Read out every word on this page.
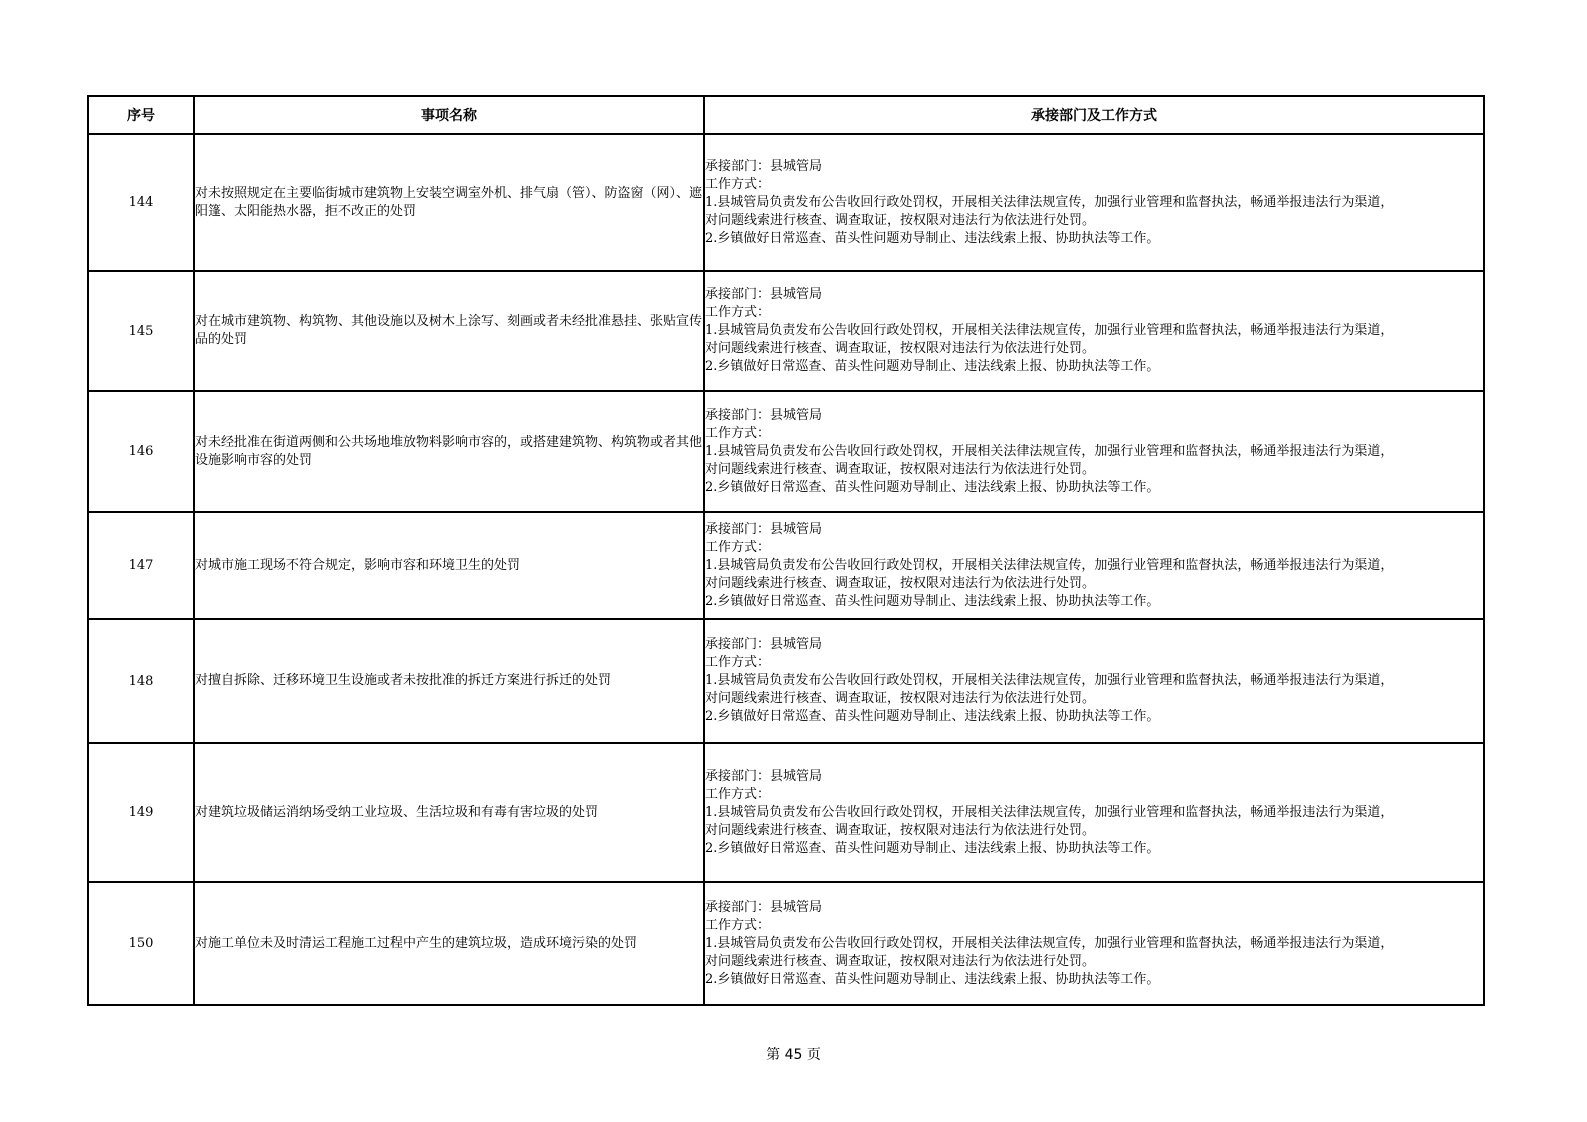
序号	事项名称	承接部门及工作方式
144	对未按照规定在主要临街城市建筑物上安装空调室外机、排气扇（管）、防盗窗（网）、遮阳篷、太阳能热水器，拒不改正的处罚	承接部门：县城管局
工作方式：
1.县城管局负责发布公告收回行政处罚权，开展相关法律法规宣传，加强行业管理和监督执法，畅通举报违法行为渠道，
对问题线索进行核查、调查取证，按权限对违法行为依法进行处罚。
2.乡镇做好日常巡查、苗头性问题劝导制止、违法线索上报、协助执法等工作。

145	对在城市建筑物、构筑物、其他设施以及树木上涂写、刻画或者未经批准悬挂、张贴宣传品的处罚	承接部门：县城管局
工作方式：
1.县城管局负责发布公告收回行政处罚权，开展相关法律法规宣传，加强行业管理和监督执法，畅通举报违法行为渠道，
对问题线索进行核查、调查取证，按权限对违法行为依法进行处罚。
2.乡镇做好日常巡查、苗头性问题劝导制止、违法线索上报、协助执法等工作。

146	对未经批准在街道两侧和公共场地堆放物料影响市容的，或搭建建筑物、构筑物或者其他设施影响市容的处罚	承接部门：县城管局
工作方式：
1.县城管局负责发布公告收回行政处罚权，开展相关法律法规宣传，加强行业管理和监督执法，畅通举报违法行为渠道，
对问题线索进行核查、调查取证，按权限对违法行为依法进行处罚。
2.乡镇做好日常巡查、苗头性问题劝导制止、违法线索上报、协助执法等工作。

147	对城市施工现场不符合规定，影响市容和环境卫生的处罚	承接部门：县城管局
工作方式：
1.县城管局负责发布公告收回行政处罚权，开展相关法律法规宣传，加强行业管理和监督执法，畅通举报违法行为渠道，
对问题线索进行核查、调查取证，按权限对违法行为依法进行处罚。
2.乡镇做好日常巡查、苗头性问题劝导制止、违法线索上报、协助执法等工作。

148	对擅自拆除、迁移环境卫生设施或者未按批准的拆迁方案进行拆迁的处罚	承接部门：县城管局
工作方式：
1.县城管局负责发布公告收回行政处罚权，开展相关法律法规宣传，加强行业管理和监督执法，畅通举报违法行为渠道，
对问题线索进行核查、调查取证，按权限对违法行为依法进行处罚。
2.乡镇做好日常巡查、苗头性问题劝导制止、违法线索上报、协助执法等工作。

149	对建筑垃圾储运消纳场受纳工业垃圾、生活垃圾和有毒有害垃圾的处罚	承接部门：县城管局
工作方式：
1.县城管局负责发布公告收回行政处罚权，开展相关法律法规宣传，加强行业管理和监督执法，畅通举报违法行为渠道，
对问题线索进行核查、调查取证，按权限对违法行为依法进行处罚。
2.乡镇做好日常巡查、苗头性问题劝导制止、违法线索上报、协助执法等工作。

150	对施工单位未及时清运工程施工过程中产生的建筑垃圾，造成环境污染的处罚	承接部门：县城管局
工作方式：
1.县城管局负责发布公告收回行政处罚权，开展相关法律法规宣传，加强行业管理和监督执法，畅通举报违法行为渠道，
对问题线索进行核查、调查取证，按权限对违法行为依法进行处罚。
2.乡镇做好日常巡查、苗头性问题劝导制止、违法线索上报、协助执法等工作。
第 45 页
